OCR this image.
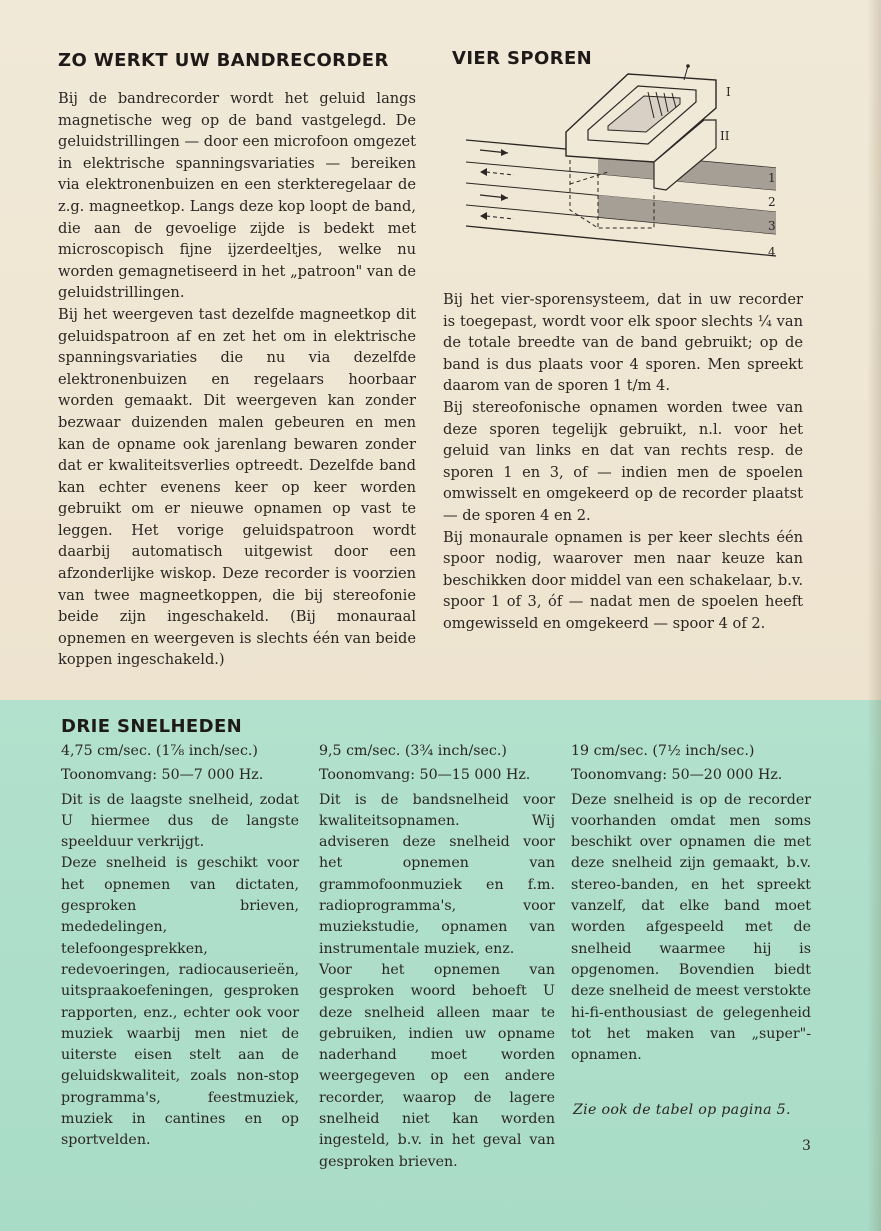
ZO WERKT UW BANDRECORDER

Bij de bandrecorder wordt het geluid langs magnetische weg op de band vastgelegd. De geluidstrillingen — door een microfoon omgezet in elektrische spanningsvariaties — bereiken via elektronenbuizen en een sterkteregelaar de z.g. magneetkop. Langs deze kop loopt de band, die aan de gevoelige zijde is bedekt met microscopisch fijne ijzerdeeltjes, welke nu worden gemagnetiseerd in het „patroon" van de geluidstrillingen.

Bij het weergeven tast dezelfde magneetkop dit geluidspatroon af en zet het om in elektrische spanningsvariaties die nu via dezelfde elektronenbuizen en regelaars hoorbaar worden gemaakt. Dit weergeven kan zonder bezwaar duizenden malen gebeuren en men kan de opname ook jarenlang bewaren zonder dat er kwaliteitsverlies optreedt. Dezelfde band kan echter evenens keer op keer worden gebruikt om er nieuwe opnamen op vast te leggen. Het vorige geluidspatroon wordt daarbij automatisch uitgewist door een afzonderlijke wiskop. Deze recorder is voorzien van twee magneetkoppen, die bij stereofonie beide zijn ingeschakeld. (Bij monauraal opnemen en weergeven is slechts één van beide koppen ingeschakeld.)

VIER SPOREN
I
II
1
2
3
4

Bij het vier-sporensysteem, dat in uw recorder is toegepast, wordt voor elk spoor slechts ¼ van de totale breedte van de band gebruikt; op de band is dus plaats voor 4 sporen. Men spreekt daarom van de sporen 1 t/m 4.

Bij stereofonische opnamen worden twee van deze sporen tegelijk gebruikt, n.l. voor het geluid van links en dat van rechts resp. de sporen 1 en 3, of — indien men de spoelen omwisselt en omgekeerd op de recorder plaatst — de sporen 4 en 2.

Bij monaurale opnamen is per keer slechts één spoor nodig, waarover men naar keuze kan beschikken door middel van een schakelaar, b.v. spoor 1 of 3, óf — nadat men de spoelen heeft omgewisseld en omgekeerd — spoor 4 of 2.

DRIE SNELHEDEN

4,75 cm/sec. (1⅞ inch/sec.)

Toonomvang: 50—7 000 Hz.

Dit is de laagste snelheid, zodat U hiermee dus de langste speelduur verkrijgt.

Deze snelheid is geschikt voor het opnemen van dictaten, gesproken brieven, mededelingen, telefoongesprekken, redevoeringen, radiocauserieën, uitspraakoefeningen, gesproken rapporten, enz., echter ook voor muziek waarbij men niet de uiterste eisen stelt aan de geluidskwaliteit, zoals non-stop programma's, feestmuziek, muziek in cantines en op sportvelden.

9,5 cm/sec. (3¾ inch/sec.)

Toonomvang: 50—15 000 Hz.

Dit is de bandsnelheid voor kwaliteitsopnamen. Wij adviseren deze snelheid voor het opnemen van grammofoonmuziek en f.m. radioprogramma's, voor muziekstudie, opnamen van instrumentale muziek, enz.

Voor het opnemen van gesproken woord behoeft U deze snelheid alleen maar te gebruiken, indien uw opname naderhand moet worden weergegeven op een andere recorder, waarop de lagere snelheid niet kan worden ingesteld, b.v. in het geval van gesproken brieven.

19 cm/sec. (7½ inch/sec.)

Toonomvang: 50—20 000 Hz.

Deze snelheid is op de recorder voorhanden omdat men soms beschikt over opnamen die met deze snelheid zijn gemaakt, b.v. stereo-banden, en het spreekt vanzelf, dat elke band moet worden afgespeeld met de snelheid waarmee hij is opgenomen. Bovendien biedt deze snelheid de meest verstokte hi-fi-enthousiast de gelegenheid tot het maken van „super"-opnamen.

Zie ook de tabel op pagina 5.
3
